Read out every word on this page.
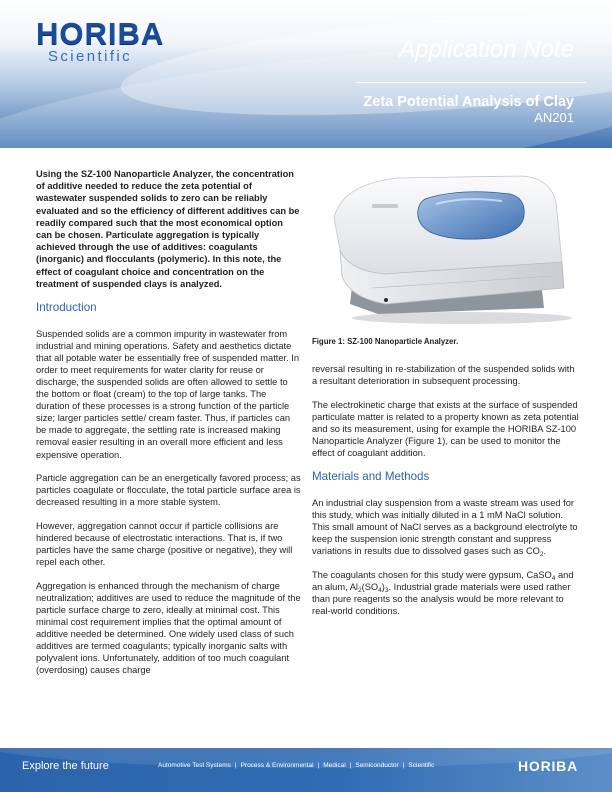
HORIBA
Scientific	Application Note
Zeta Potential Analysis of Clay
AN201

Using the SZ-100 Nanoparticle Analyzer, the concentration of additive needed to reduce the zeta potential of wastewater suspended solids to zero can be reliably evaluated and so the efficiency of different additives can be readily compared such that the most economical option can be chosen. Particulate aggregation is typically achieved through the use of additives: coagulants (inorganic) and flocculants (polymeric). In this note, the effect of coagulant choice and concentration on the treatment of suspended clays is analyzed.

Introduction

Suspended solids are a common impurity in wastewater from industrial and mining operations. Safety and aesthetics dictate that all potable water be essentially free of suspended matter. In order to meet requirements for water clarity for reuse or discharge, the suspended solids are often allowed to settle to the bottom or float (cream) to the top of large tanks. The duration of these processes is a strong function of the particle size; larger particles settle/ cream faster. Thus, if particles can be made to aggregate, the settling rate is increased making removal easier resulting in an overall more efficient and less expensive operation.

Particle aggregation can be an energetically favored process; as particles coagulate or flocculate, the total particle surface area is decreased resulting in a more stable system.

However, aggregation cannot occur if particle collisions are hindered because of electrostatic interactions. That is, if two particles have the same charge (positive or negative), they will repel each other.

Aggregation is enhanced through the mechanism of charge neutralization; additives are used to reduce the magnitude of the particle surface charge to zero, ideally at minimal cost. This minimal cost requirement implies that the optimal amount of additive needed be determined. One widely used class of such additives are termed coagulants; typically inorganic salts with polyvalent ions. Unfortunately, addition of too much coagulant (overdosing) causes charge

Figure 1: SZ-100 Nanoparticle Analyzer.

reversal resulting in re-stabilization of the suspended solids with a resultant deterioration in subsequent processing.

The electrokinetic charge that exists at the surface of suspended particulate matter is related to a property known as zeta potential and so its measurement, using for example the HORIBA SZ-100 Nanoparticle Analyzer (Figure 1), can be used to monitor the effect of coagulant addition.

Materials and Methods

An industrial clay suspension from a waste stream was used for this study, which was initially diluted in a 1 mM NaCl solution. This small amount of NaCl serves as a background electrolyte to keep the suspension ionic strength constant and suppress variations in results due to dissolved gases such as $CO_2$.

The coagulants chosen for this study were gypsum, CaSO$_4$ and an alum, $Al_2(SO_4)_3$. Industrial grade materials were used rather than pure reagents so the analysis would be more relevant to real-world conditions.

Explore the future	Automotive Test Systems | Process & Environmental | Medical | Semiconductor | Scientific	HORIBA
